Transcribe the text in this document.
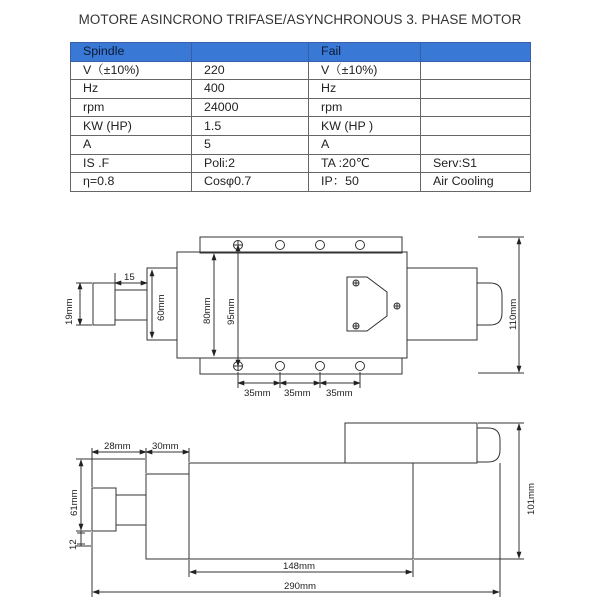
MOTORE ASINCRONO TRIFASE/ASYNCHRONOUS 3. PHASE MOTOR
Spindle		Fail	
V（±10%)	220	V（±10%)	
Hz	400	Hz	
rpm	24000	rpm	
KW (HP)	1.5	KW (HP )	
A	5	A	
IS .F	Poli:2	TA :20℃	Serv:S1
η=0.8	Cosφ0.7	IP：50	Air Cooling
15
19mm	60mm	80mm 95mm	110mm
35mm 35mm 35mm
28mm 30mm
61mm
12
101mm
148mm
290mm
